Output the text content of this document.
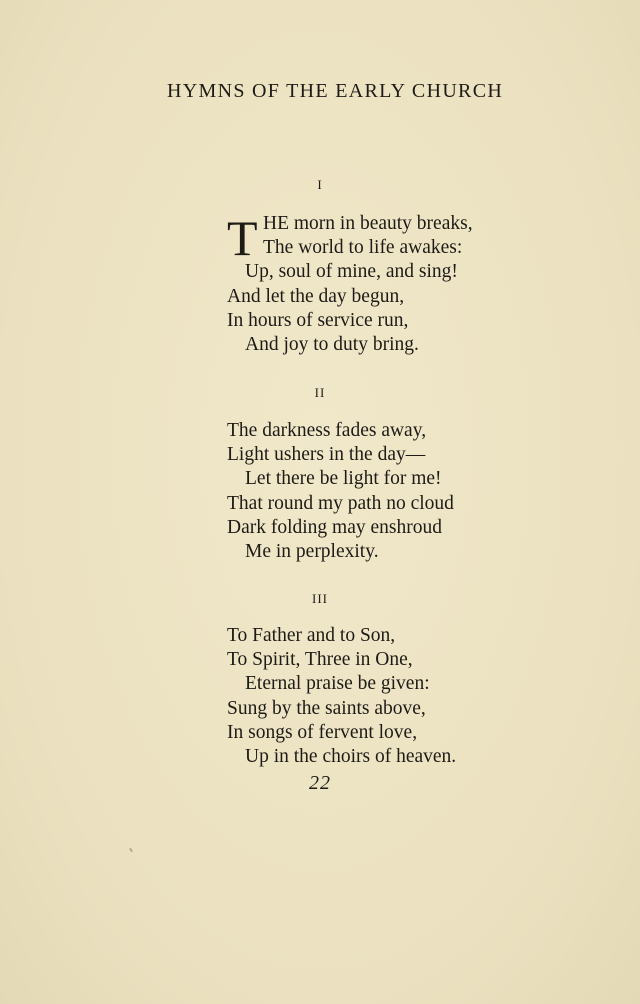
HYMNS OF THE EARLY CHURCH
I
T HE morn in beauty breaks,
The world to life awakes:
Up, soul of mine, and sing!
And let the day begun,
In hours of service run,
And joy to duty bring.
II
The darkness fades away,
Light ushers in the day—
Let there be light for me!
That round my path no cloud
Dark folding may enshroud
Me in perplexity.
III
To Father and to Son,
To Spirit, Three in One,
Eternal praise be given:
Sung by the saints above,
In songs of fervent love,
Up in the choirs of heaven.
22
